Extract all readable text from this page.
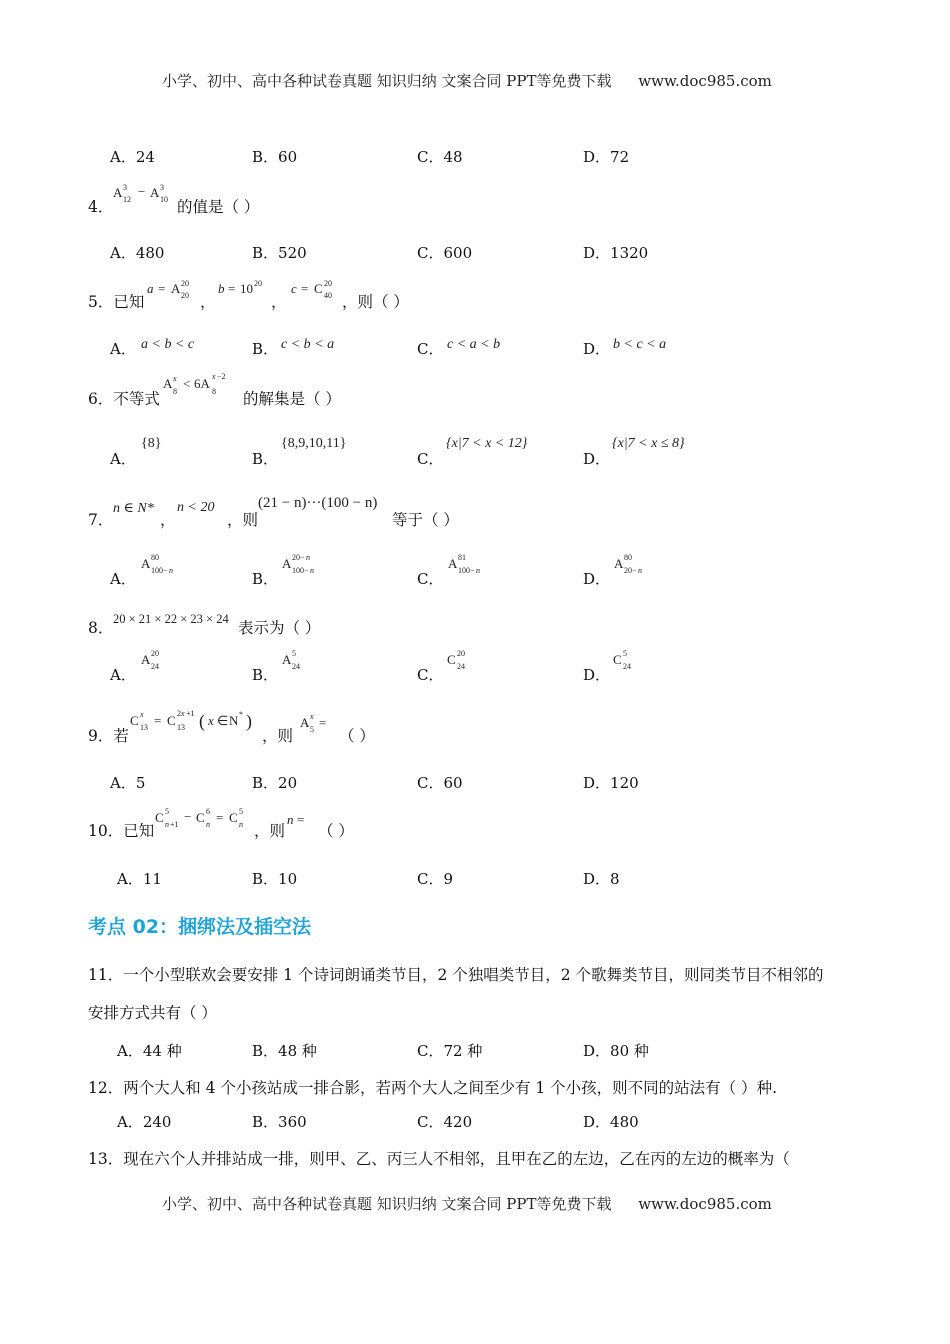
小学、初中、高中各种试卷真题 知识归纳 文案合同 PPT等免费下载 www.doc985.com
A．24	B．60	C．48	D．72
4．
A 3
12
− A 3
10 的值是（ ）
A．480	B．520	C．600	D．1320
5．已知
a = A 20
20 ，
b = 10 20
，
c = C 20
40 ，则（ ）
A． a < b < c	B． c < b < a	C． c < a < b	D． b < c < a
6．不等式
A x
8
< 6A x −2
8 的解集是（ ）
A．
{8}
B．
{8,9,10,11}
C．
{x|7 < x < 12}
D．
{x|7 < x ≤ 8}
7．
n ∈ N*
，
n < 20
，则
(21 − n)···(100 − n)
等于（ ）
A．
A 80
100− n	B．
A 20− n
100− n	C．
A 81
100− n	D．
A 80
20− n
8． 20 × 21 × 22 × 23 × 24 表示为（ ）
A．
A 20
24	B．
A 5
24	C．
C 20
24	D．
C 5
24
9．若
C x
13 = C 2 x +1
13 ( x ∈ N * )
，则
A x
5 =
（ ）
A．5	B．20	C．60	D．120
10．已知
C 5
n +1
− C 6
n = C 5
n ，则
n =
（ ）
A．11	B．10	C．9	D．8
考点 02：捆绑法及插空法
11．一个小型联欢会要安排 1 个诗词朗诵类节目，2 个独唱类节目，2 个歌舞类节目，则同类节目不相邻的
安排方式共有（ ）
A．44 种	B．48 种	C．72 种	D．80 种
12．两个大人和 4 个小孩站成一排合影，若两个大人之间至少有 1 个小孩，则不同的站法有（ ）种.
A．240	B．360	C．420	D．480
13．现在六个人并排站成一排，则甲、乙、丙三人不相邻，且甲在乙的左边，乙在丙的左边的概率为（
小学、初中、高中各种试卷真题 知识归纳 文案合同 PPT等免费下载 www.doc985.com
